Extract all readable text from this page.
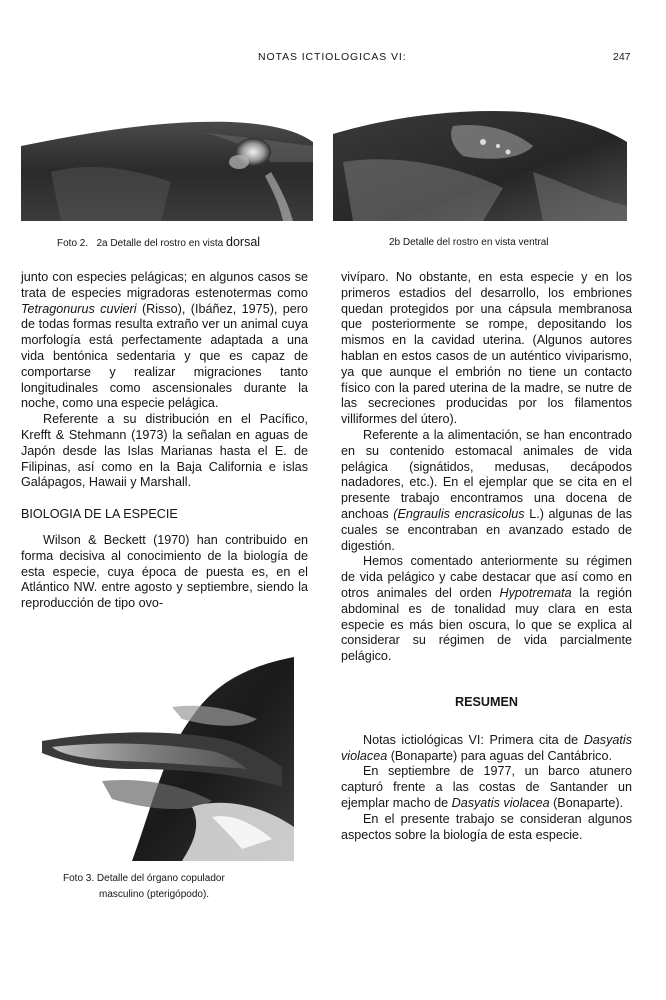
NOTAS ICTIOLOGICAS VI:	247
Foto 2. 2a Detalle del rostro en vista dorsal	2b Detalle del rostro en vista ventral

junto con especies pelágicas; en algunos casos se trata de especies migradoras estenotermas como Tetragonurus cuvieri (Risso), (Ibáñez, 1975), pero de todas formas resulta extraño ver un animal cuya morfología está perfectamente adaptada a una vida bentónica sedentaria y que es capaz de comportarse y realizar migraciones tanto longitudinales como ascensionales durante la noche, como una especie pelágica.

Referente a su distribución en el Pacífico, Krefft & Stehmann (1973) la señalan en aguas de Japón desde las Islas Marianas hasta el E. de Filipinas, así como en la Baja California e islas Galápagos, Hawaii y Marshall.

BIOLOGIA DE LA ESPECIE

Wilson & Beckett (1970) han contribuido en forma decisiva al conocimiento de la biología de esta especie, cuya época de puesta es, en el Atlántico NW. entre agosto y septiembre, siendo la reproducción de tipo ovo-

Foto 3. Detalle del órgano copulador
masculino (pterigópodo).

vivíparo. No obstante, en esta especie y en los primeros estadios del desarrollo, los embriones quedan protegidos por una cápsula membranosa que posteriormente se rompe, depositando los mismos en la cavidad uterina. (Algunos autores hablan en estos casos de un auténtico viviparismo, ya que aunque el embrión no tiene un contacto físico con la pared uterina de la madre, se nutre de las secreciones producidas por los filamentos villiformes del útero).

Referente a la alimentación, se han encontrado en su contenido estomacal animales de vida pelágica (signátidos, medusas, decápodos nadadores, etc.). En el ejemplar que se cita en el presente trabajo encontramos una docena de anchoas (Engraulis encrasicolus L.) algunas de las cuales se encontraban en avanzado estado de digestión.

Hemos comentado anteriormente su régimen de vida pelágico y cabe destacar que así como en otros animales del orden Hypotremata la región abdominal es de tonalidad muy clara en esta especie es más bien oscura, lo que se explica al considerar su régimen de vida parcialmente pelágico.

RESUMEN

Notas ictiológicas VI: Primera cita de Dasyatis violacea (Bonaparte) para aguas del Cantábrico.

En septiembre de 1977, un barco atunero capturó frente a las costas de Santander un ejemplar macho de Dasyatis violacea (Bonaparte).

En el presente trabajo se consideran algunos aspectos sobre la biología de esta especie.
